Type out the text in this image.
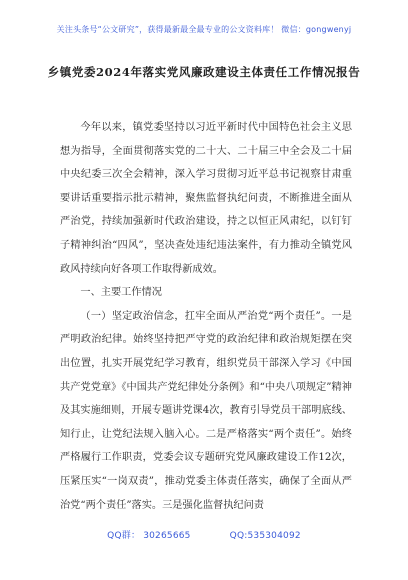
关注头条号“公文研究”，获得最新最全最专业的公文资料库！ 微信：gongwenyj
乡镇党委2024年落实党风廉政建设主体责任工作情况报告

今年以来，镇党委坚持以习近平新时代中国特色社会主义思想为指导，全面贯彻落实党的二十大、二十届三中全会及二十届中央纪委三次全会精神，深入学习贯彻习近平总书记视察甘肃重要讲话重要指示批示精神，聚焦监督执纪问责，不断推进全面从严治党，持续加强新时代政治建设，持之以恒正风肃纪，以钉钉子精神纠治“四风”，坚决查处违纪违法案件，有力推动全镇党风政风持续向好各项工作取得新成效。

一、主要工作情况

（一）坚定政治信念，扛牢全面从严治党“两个责任”。一是严明政治纪律。始终坚持把严守党的政治纪律和政治规矩摆在突出位置，扎实开展党纪学习教育，组织党员干部深入学习《中国共产党党章》《中国共产党纪律处分条例》和“中央八项规定”精神及其实施细则，开展专题讲党课4次，教育引导党员干部明底线、知行止，让党纪法规入脑入心。二是严格落实“两个责任”。始终严格履行工作职责，党委会议专题研究党风廉政建设工作12次，压紧压实“一岗双责”，推动党委主体责任落实，确保了全面从严治党“两个责任”落实。三是强化监督执纪问责

QQ群： 30265665	QQ:535304092
